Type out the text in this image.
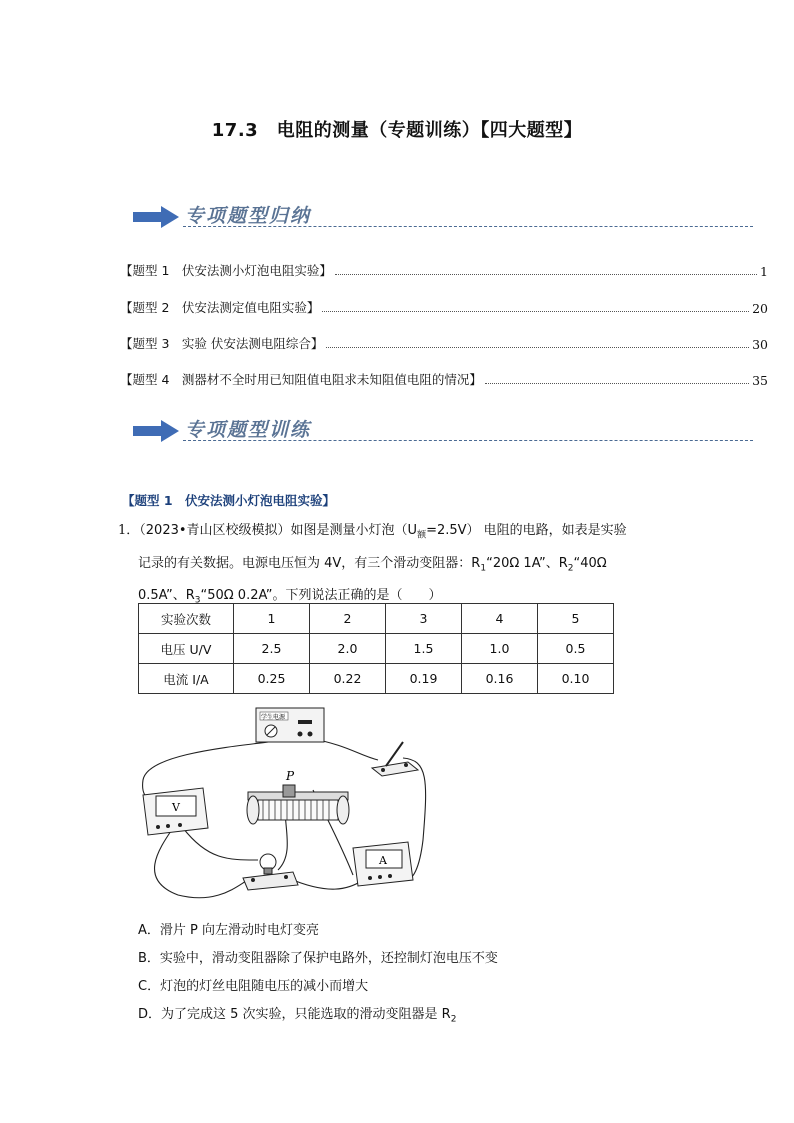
17.3　电阻的测量（专题训练）【四大题型】
专项题型归纳
【题型 1　伏安法测小灯泡电阻实验】	1
【题型 2　伏安法测定值电阻实验】	20
【题型 3　实验 伏安法测电阻综合】	30
【题型 4　测器材不全时用已知阻值电阻求未知阻值电阻的情况】	35
专项题型训练
【题型 1　伏安法测小灯泡电阻实验】
1．（2023•青山区校级模拟）如图是测量小灯泡$(U_额=2.5V)$ 电阻的电路，如表是实验
记录的有关数据。电源电压恒为 4V，有三个滑动变阻器：$R_1“20\Omega$ 1A”、$R_2“40\Omega$
0.5A”、$R_3“50\Omega$ 0.2A”。下列说法正确的是（　　）
实验次数	1	2	3	4	5
电压 U/V	2.5	2.0	1.5	1.0	0.5
电流 I/A	0.25	0.22	0.19	0.16	0.10
学生电源
V
P
A
A．滑片 P 向左滑动时电灯变亮
B．实验中，滑动变阻器除了保护电路外，还控制灯泡电压不变
C．灯泡的灯丝电阻随电压的减小而增大
D．为了完成这 5 次实验，只能选取的滑动变阻器是 $R_2$
